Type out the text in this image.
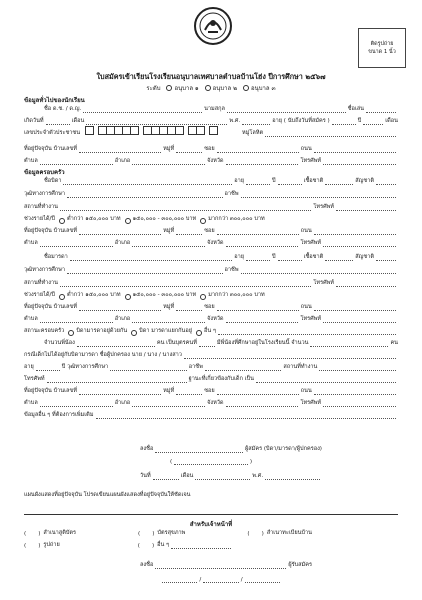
ติดรูปถ่าย
ขนาด 1 นิ้ว
ใบสมัครเข้าเรียนโรงเรียนอนุบาลเทศบาลตำบลบ้านโฮ่ง ปีการศึกษา ๒๕๖๗
ระดับ อนุบาล ๑ อนุบาล ๒ อนุบาล ๓
ข้อมูลทั่วไปของนักเรียน
ชื่อ ด.ช. / ด.ญ.	นามสกุล	ชื่อเล่น
เกิดวันที่	เดือน	พ.ศ.	อายุ ( นับถึงวันที่สมัคร )	ปี	เดือน
เลขประจำตัวประชาชน	หมู่โลหิต
ที่อยู่ปัจจุบัน บ้านเลขที่	หมู่ที่	ซอย	ถนน
ตำบล	อำเภอ	จังหวัด	โทรศัพท์
ข้อมูลครอบครัว
ชื่อบิดา	อายุ	ปี	เชื้อชาติ	สัญชาติ
วุฒิทางการศึกษา	อาชีพ
สถานที่ทำงาน	โทรศัพท์
ช่วงรายได้/ปี ต่ำกว่า ๑๕๐,๐๐๐ บาท ๑๕๐,๐๐๐ - ๓๐๐,๐๐๐ บาท มากกว่า ๓๐๐,๐๐๐ บาท
ที่อยู่ปัจจุบัน บ้านเลขที่	หมู่ที่	ซอย	ถนน
ตำบล	อำเภอ	จังหวัด	โทรศัพท์
ชื่อมารดา	อายุ	ปี	เชื้อชาติ	สัญชาติ
วุฒิทางการศึกษา	อาชีพ
สถานที่ทำงาน	โทรศัพท์
ช่วงรายได้/ปี ต่ำกว่า ๑๕๐,๐๐๐ บาท ๑๕๐,๐๐๐ - ๓๐๐,๐๐๐ บาท มากกว่า ๓๐๐,๐๐๐ บาท
ที่อยู่ปัจจุบัน บ้านเลขที่	หมู่ที่	ซอย	ถนน
ตำบล	อำเภอ	จังหวัด	โทรศัพท์
สถานะครอบครัว บิดามารดาอยู่ด้วยกัน บิดา มารดาแยกกันอยู่ อื่น ๆ
จำนวนพี่น้อง	คน เป็นบุตรคนที่	มีพี่น้องที่ศึกษาอยู่ในโรงเรียนนี้ จำนวน	คน
กรณีเด็กไม่ได้อยู่กับบิดามารดา ชื่อผู้ปกครอง นาย / นาง / นางสาว
อายุ	ปี วุฒิทางการศึกษา	อาชีพ	สถานที่ทำงาน
โทรศัพท์	ฐานะที่เกี่ยวข้องกับเด็ก เป็น
ที่อยู่ปัจจุบัน บ้านเลขที่	หมู่ที่	ซอย	ถนน
ตำบล	อำเภอ	จังหวัด	โทรศัพท์
ข้อมูลอื่น ๆ ที่ต้องการเพิ่มเติม
ลงชื่อ	ผู้สมัคร (บิดา/มารดา/ผู้ปกครอง)
(	)
วันที่	เดือน	พ.ศ.
แผนผังแสดงที่อยู่ปัจจุบัน โปรดเขียนแผนผังแสดงที่อยู่ปัจจุบันให้ชัดเจน
สำหรับเจ้าหน้าที่
( ) สำเนาสูติบัตร	( ) บัตรสุขภาพ	( ) สำเนาทะเบียนบ้าน
( ) รูปถ่าย	( ) อื่น ๆ
ลงชื่อ	ผู้รับสมัคร
/	/
